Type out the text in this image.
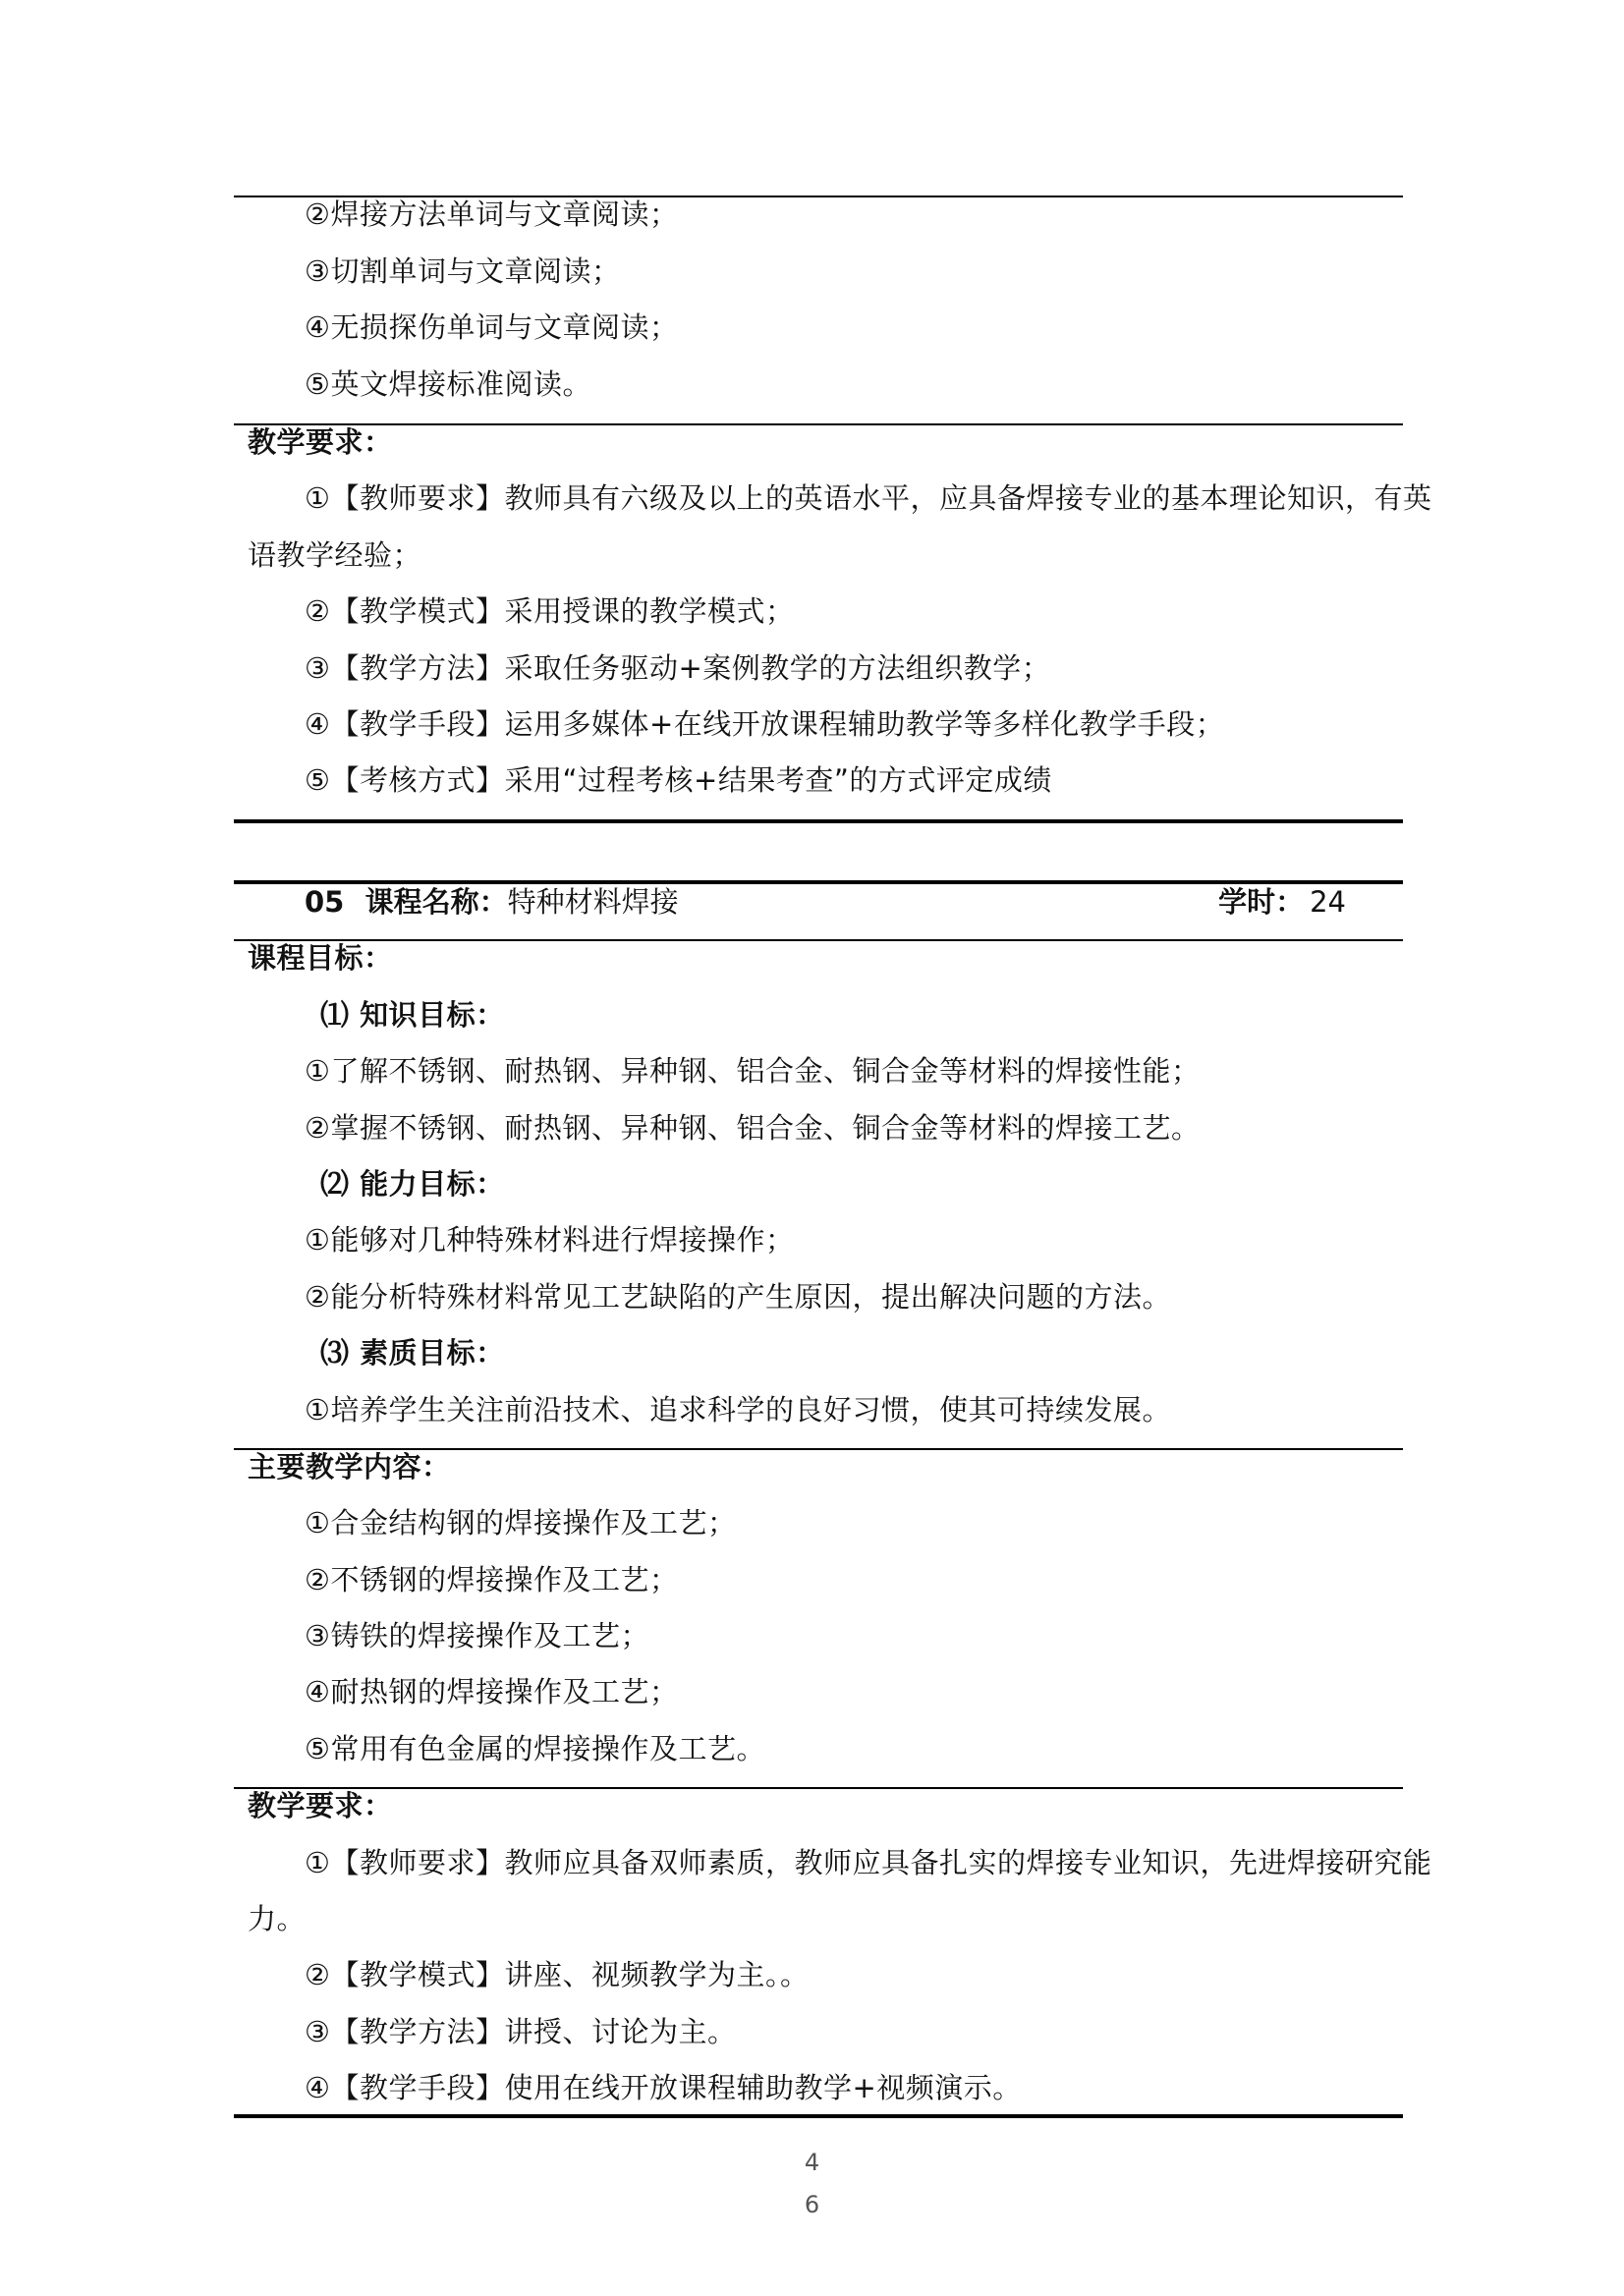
②焊接方法单词与文章阅读；
③切割单词与文章阅读；
④无损探伤单词与文章阅读；
⑤英文焊接标准阅读。
教学要求：
①【教师要求】教师具有六级及以上的英语水平，应具备焊接专业的基本理论知识，有英
语教学经验；
②【教学模式】采用授课的教学模式；
③【教学方法】采取任务驱动+案例教学的方法组织教学；
④【教学手段】运用多媒体+在线开放课程辅助教学等多样化教学手段；
⑤【考核方式】采用“过程考核+结果考查”的方式评定成绩
05 课程名称：特种材料焊接	学时： 24
课程目标：
⑴ 知识目标：
①了解不锈钢、耐热钢、异种钢、铝合金、铜合金等材料的焊接性能；
②掌握不锈钢、耐热钢、异种钢、铝合金、铜合金等材料的焊接工艺。
⑵ 能力目标：
①能够对几种特殊材料进行焊接操作；
②能分析特殊材料常见工艺缺陷的产生原因，提出解决问题的方法。
⑶ 素质目标：
①培养学生关注前沿技术、追求科学的良好习惯，使其可持续发展。
主要教学内容：
①合金结构钢的焊接操作及工艺；
②不锈钢的焊接操作及工艺；
③铸铁的焊接操作及工艺；
④耐热钢的焊接操作及工艺；
⑤常用有色金属的焊接操作及工艺。
教学要求：
①【教师要求】教师应具备双师素质，教师应具备扎实的焊接专业知识，先进焊接研究能
力。
②【教学模式】讲座、视频教学为主。。
③【教学方法】讲授、讨论为主。
④【教学手段】使用在线开放课程辅助教学+视频演示。
4
6
